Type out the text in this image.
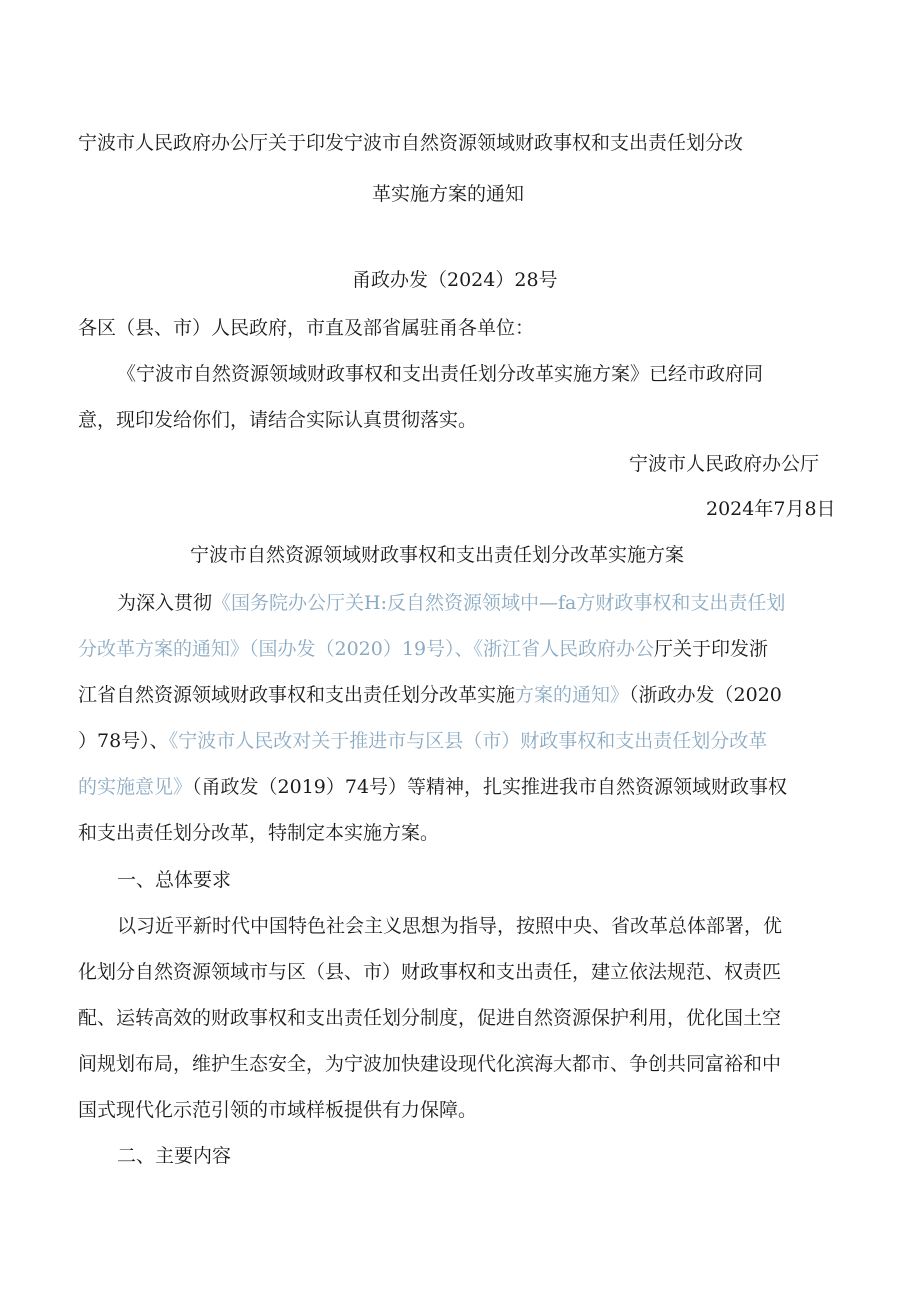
宁波市人民政府办公厅关于印发宁波市自然资源领域财政事权和支出责任划分改
革实施方案的通知
甬政办发（2024）28号
各区（县、市）人民政府，市直及部省属驻甬各单位：
《宁波市自然资源领域财政事权和支出责任划分改革实施方案》已经市政府同
意，现印发给你们，请结合实际认真贯彻落实。
宁波市人民政府办公厅
2024年7月8日
宁波市自然资源领域财政事权和支出责任划分改革实施方案
为深入贯彻《国务院办公厅关H:反自然资源领域中—fa方财政事权和支出责任划
分改革方案的通知》（国办发（2020）19号）、《浙江省人民政府办公厅关于印发浙
江省自然资源领域财政事权和支出责任划分改革实施方案的通知》（浙政办发（2020
）78号）、《宁波市人民改对关于推进市与区县（市）财政事权和支出责任划分改革
的实施意见》（甬政发（2019）74号）等精神，扎实推进我市自然资源领域财政事权
和支出责任划分改革，特制定本实施方案。
一、总体要求
以习近平新时代中国特色社会主义思想为指导，按照中央、省改革总体部署，优
化划分自然资源领域市与区（县、市）财政事权和支出责任，建立依法规范、权责匹
配、运转高效的财政事权和支出责任划分制度，促进自然资源保护利用，优化国土空
间规划布局，维护生态安全，为宁波加快建设现代化滨海大都市、争创共同富裕和中
国式现代化示范引领的市域样板提供有力保障。
二、主要内容
